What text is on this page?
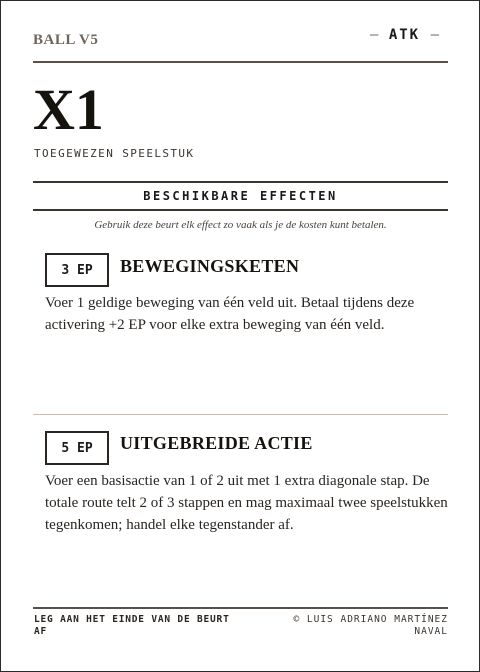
BALL V5	— ATK —
X1
TOEGEWEZEN SPEELSTUK
BESCHIKBARE EFFECTEN
Gebruik deze beurt elk effect zo vaak als je de kosten kunt betalen.
3 EP	BEWEGINGSKETEN
Voer 1 geldige beweging van één veld uit. Betaal tijdens deze activering +2 EP voor elke extra beweging van één veld.
5 EP	UITGEBREIDE ACTIE
Voer een basisactie van 1 of 2 uit met 1 extra diagonale stap. De totale route telt 2 of 3 stappen en mag maximaal twee speelstukken tegenkomen; handel elke tegenstander af.
LEG AAN HET EINDE VAN DE BEURT AF
© LUIS ADRIANO MARTÍNEZ NAVAL
